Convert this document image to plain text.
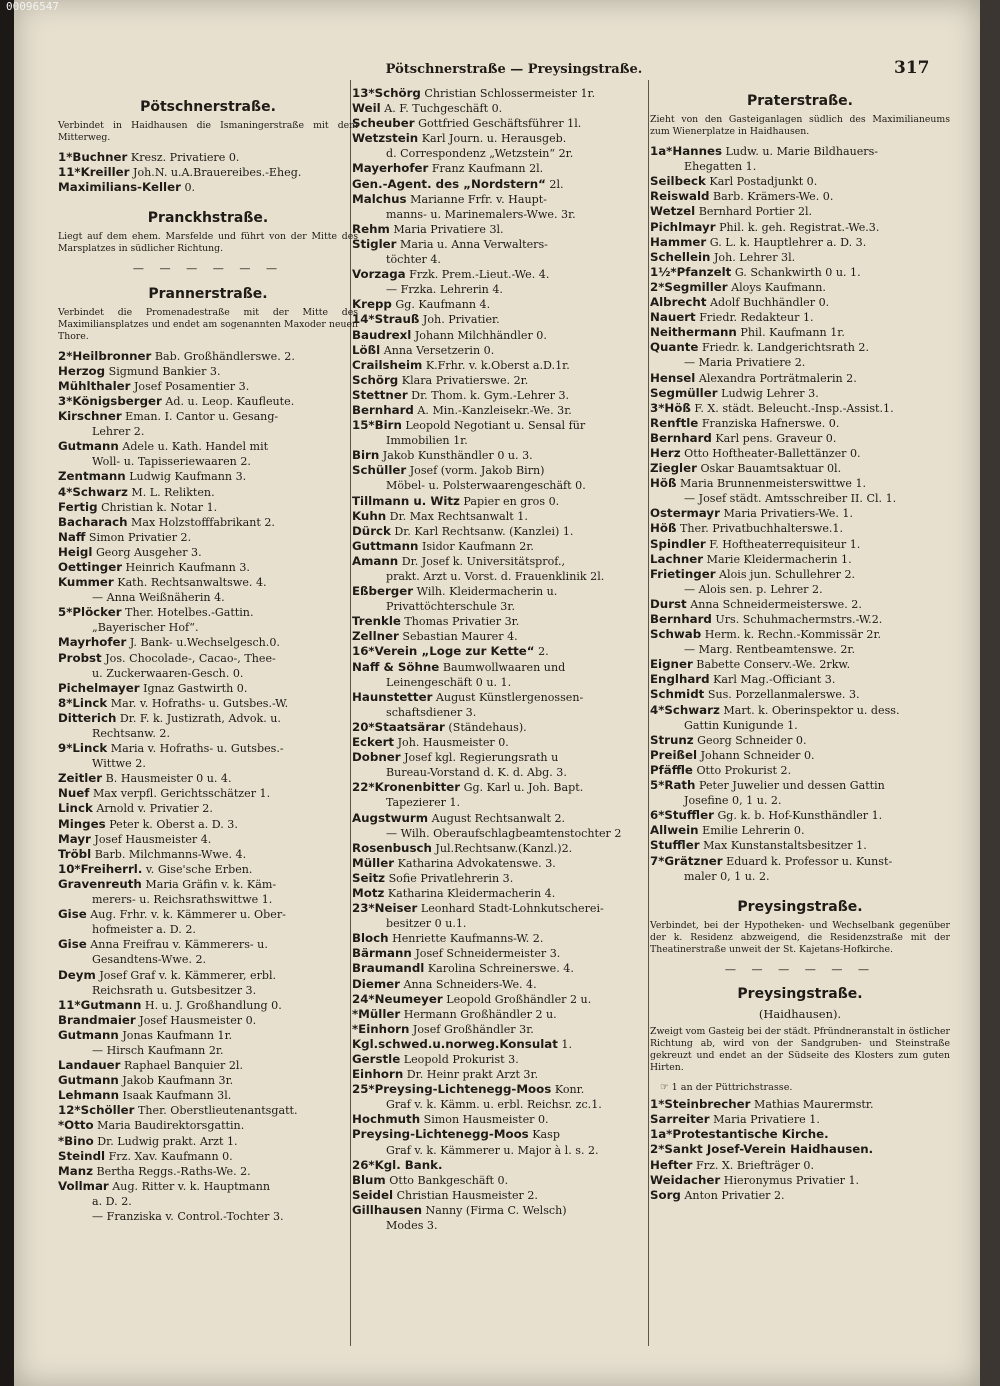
00096547
Pötschnerstraße — Preysingstraße.	317
Pötschnerstraße.
Verbindet in Haidhausen die Ismaningerstraße mit dem Mitterweg.
1*Buchner Kresz. Privatiere 0.
11*Kreiller Joh.N. u.A.Brauereibes.-Eheg.
Maximilians-Keller 0.
Pranckhstraße.
Liegt auf dem ehem. Marsfelde und führt von der Mitte des Marsplatzes in südlicher Richtung.
— — — — — —
Prannerstraße.
Verbindet die Promenadestraße mit der Mitte des Maximiliansplatzes und endet am sogenannten Maxoder neuen Thore.
2*Heilbronner Bab. Großhändlerswe. 2.
Herzog Sigmund Bankier 3.
Mühlthaler Josef Posamentier 3.
3*Königsberger Ad. u. Leop. Kaufleute.
Kirschner Eman. I. Cantor u. Gesang-
Lehrer 2.
Gutmann Adele u. Kath. Handel mit
Woll- u. Tapisseriewaaren 2.
Zentmann Ludwig Kaufmann 3.
4*Schwarz M. L. Relikten.
Fertig Christian k. Notar 1.
Bacharach Max Holzstofffabrikant 2.
Naff Simon Privatier 2.
Heigl Georg Ausgeher 3.
Oettinger Heinrich Kaufmann 3.
Kummer Kath. Rechtsanwaltswe. 4.
— Anna Weißnäherin 4.
5*Plöcker Ther. Hotelbes.-Gattin.
„Bayerischer Hof“.
Mayrhofer J. Bank- u.Wechselgesch.0.
Probst Jos. Chocolade-, Cacao-, Thee-
u. Zuckerwaaren-Gesch. 0.
Pichelmayer Ignaz Gastwirth 0.
8*Linck Mar. v. Hofraths- u. Gutsbes.-W.
Ditterich Dr. F. k. Justizrath, Advok. u.
Rechtsanw. 2.
9*Linck Maria v. Hofraths- u. Gutsbes.-
Wittwe 2.
Zeitler B. Hausmeister 0 u. 4.
Nuef Max verpfl. Gerichtsschätzer 1.
Linck Arnold v. Privatier 2.
Minges Peter k. Oberst a. D. 3.
Mayr Josef Hausmeister 4.
Tröbl Barb. Milchmanns-Wwe. 4.
10*Freiherrl. v. Gise'sche Erben.
Gravenreuth Maria Gräfin v. k. Käm-
merers- u. Reichsrathswittwe 1.
Gise Aug. Frhr. v. k. Kämmerer u. Ober-
hofmeister a. D. 2.
Gise Anna Freifrau v. Kämmerers- u.
Gesandtens-Wwe. 2.
Deym Josef Graf v. k. Kämmerer, erbl.
Reichsrath u. Gutsbesitzer 3.
11*Gutmann H. u. J. Großhandlung 0.
Brandmaier Josef Hausmeister 0.
Gutmann Jonas Kaufmann 1r.
— Hirsch Kaufmann 2r.
Landauer Raphael Banquier 2l.
Gutmann Jakob Kaufmann 3r.
Lehmann Isaak Kaufmann 3l.
12*Schöller Ther. Oberstlieutenantsgatt.
*Otto Maria Baudirektorsgattin.
*Bino Dr. Ludwig prakt. Arzt 1.
Steindl Frz. Xav. Kaufmann 0.
Manz Bertha Reggs.-Raths-We. 2.
Vollmar Aug. Ritter v. k. Hauptmann
a. D. 2.
— Franziska v. Control.-Tochter 3.
13*Schörg Christian Schlossermeister 1r.
Weil A. F. Tuchgeschäft 0.
Scheuber Gottfried Geschäftsführer 1l.
Wetzstein Karl Journ. u. Herausgeb.
d. Correspondenz „Wetzstein“ 2r.
Mayerhofer Franz Kaufmann 2l.
Gen.-Agent. des „Nordstern“ 2l.
Malchus Marianne Frfr. v. Haupt-
manns- u. Marinemalers-Wwe. 3r.
Rehm Maria Privatiere 3l.
Stigler Maria u. Anna Verwalters-
töchter 4.
Vorzaga Frzk. Prem.-Lieut.-We. 4.
— Frzka. Lehrerin 4.
Krepp Gg. Kaufmann 4.
14*Strauß Joh. Privatier.
Baudrexl Johann Milchhändler 0.
Lößl Anna Versetzerin 0.
Crailsheim K.Frhr. v. k.Oberst a.D.1r.
Schörg Klara Privatierswe. 2r.
Stettner Dr. Thom. k. Gym.-Lehrer 3.
Bernhard A. Min.-Kanzleisekr.-We. 3r.
15*Birn Leopold Negotiant u. Sensal für
Immobilien 1r.
Birn Jakob Kunsthändler 0 u. 3.
Schüller Josef (vorm. Jakob Birn)
Möbel- u. Polsterwaarengeschäft 0.
Tillmann u. Witz Papier en gros 0.
Kuhn Dr. Max Rechtsanwalt 1.
Dürck Dr. Karl Rechtsanw. (Kanzlei) 1.
Guttmann Isidor Kaufmann 2r.
Amann Dr. Josef k. Universitätsprof.,
prakt. Arzt u. Vorst. d. Frauenklinik 2l.
Eßberger Wilh. Kleidermacherin u.
Privattöchterschule 3r.
Trenkle Thomas Privatier 3r.
Zellner Sebastian Maurer 4.
16*Verein „Loge zur Kette“ 2.
Naff & Söhne Baumwollwaaren und
Leinengeschäft 0 u. 1.
Haunstetter August Künstlergenossen-
schaftsdiener 3.
20*Staatsärar (Ständehaus).
Eckert Joh. Hausmeister 0.
Dobner Josef kgl. Regierungsrath u
Bureau-Vorstand d. K. d. Abg. 3.
22*Kronenbitter Gg. Karl u. Joh. Bapt.
Tapezierer 1.
Augstwurm August Rechtsanwalt 2.
— Wilh. Oberaufschlagbeamtenstochter 2
Rosenbusch Jul.Rechtsanw.(Kanzl.)2.
Müller Katharina Advokatenswe. 3.
Seitz Sofie Privatlehrerin 3.
Motz Katharina Kleidermacherin 4.
23*Neiser Leonhard Stadt-Lohnkutscherei-
besitzer 0 u.1.
Bloch Henriette Kaufmanns-W. 2.
Bärmann Josef Schneidermeister 3.
Braumandl Karolina Schreinerswe. 4.
Diemer Anna Schneiders-We. 4.
24*Neumeyer Leopold Großhändler 2 u.
*Müller Hermann Großhändler 2 u.
*Einhorn Josef Großhändler 3r.
Kgl.schwed.u.norweg.Konsulat 1.
Gerstle Leopold Prokurist 3.
Einhorn Dr. Heinr prakt Arzt 3r.
25*Preysing-Lichtenegg-Moos Konr.
Graf v. k. Kämm. u. erbl. Reichsr. zc.1.
Hochmuth Simon Hausmeister 0.
Preysing-Lichtenegg-Moos Kasp
Graf v. k. Kämmerer u. Major à l. s. 2.
26*Kgl. Bank.
Blum Otto Bankgeschäft 0.
Seidel Christian Hausmeister 2.
Gillhausen Nanny (Firma C. Welsch)
Modes 3.
Praterstraße.
Zieht von den Gasteiganlagen südlich des Maximilianeums zum Wienerplatze in Haidhausen.
1a*Hannes Ludw. u. Marie Bildhauers-
Ehegatten 1.
Seilbeck Karl Postadjunkt 0.
Reiswald Barb. Krämers-We. 0.
Wetzel Bernhard Portier 2l.
Pichlmayr Phil. k. geh. Registrat.-We.3.
Hammer G. L. k. Hauptlehrer a. D. 3.
Schellein Joh. Lehrer 3l.
1½*Pfanzelt G. Schankwirth 0 u. 1.
2*Segmiller Aloys Kaufmann.
Albrecht Adolf Buchhändler 0.
Nauert Friedr. Redakteur 1.
Neithermann Phil. Kaufmann 1r.
Quante Friedr. k. Landgerichtsrath 2.
— Maria Privatiere 2.
Hensel Alexandra Porträtmalerin 2.
Segmüller Ludwig Lehrer 3.
3*Höß F. X. städt. Beleucht.-Insp.-Assist.1.
Renftle Franziska Hafnerswe. 0.
Bernhard Karl pens. Graveur 0.
Herz Otto Hoftheater-Ballettänzer 0.
Ziegler Oskar Bauamtsaktuar 0l.
Höß Maria Brunnenmeisterswittwe 1.
— Josef städt. Amtsschreiber II. Cl. 1.
Ostermayr Maria Privatiers-We. 1.
Höß Ther. Privatbuchhalterswe.1.
Spindler F. Hoftheaterrequisiteur 1.
Lachner Marie Kleidermacherin 1.
Frietinger Alois jun. Schullehrer 2.
— Alois sen. p. Lehrer 2.
Durst Anna Schneidermeisterswe. 2.
Bernhard Urs. Schuhmachermstrs.-W.2.
Schwab Herm. k. Rechn.-Kommissär 2r.
— Marg. Rentbeamtenswe. 2r.
Eigner Babette Conserv.-We. 2rkw.
Englhard Karl Mag.-Officiant 3.
Schmidt Sus. Porzellanmalerswe. 3.
4*Schwarz Mart. k. Oberinspektor u. dess.
Gattin Kunigunde 1.
Strunz Georg Schneider 0.
Preißel Johann Schneider 0.
Pfäffle Otto Prokurist 2.
5*Rath Peter Juwelier und dessen Gattin
Josefine 0, 1 u. 2.
6*Stuffler Gg. k. b. Hof-Kunsthändler 1.
Allwein Emilie Lehrerin 0.
Stuffler Max Kunstanstaltsbesitzer 1.
7*Grätzner Eduard k. Professor u. Kunst-
maler 0, 1 u. 2.
Preysingstraße.
Verbindet, bei der Hypotheken- und Wechselbank gegenüber der k. Residenz abzweigend, die Residenzstraße mit der Theatinerstraße unweit der St. Kajetans-Hofkirche.
— — — — — —
Preysingstraße.
(Haidhausen).
Zweigt vom Gasteig bei der städt. Pfründneranstalt in östlicher Richtung ab, wird von der Sandgruben- und Steinstraße gekreuzt und endet an der Südseite des Klosters zum guten Hirten.
☞ 1 an der Püttrichstrasse.
1*Steinbrecher Mathias Maurermstr.
Sarreiter Maria Privatiere 1.
1a*Protestantische Kirche.
2*Sankt Josef-Verein Haidhausen.
Hefter Frz. X. Briefträger 0.
Weidacher Hieronymus Privatier 1.
Sorg Anton Privatier 2.
